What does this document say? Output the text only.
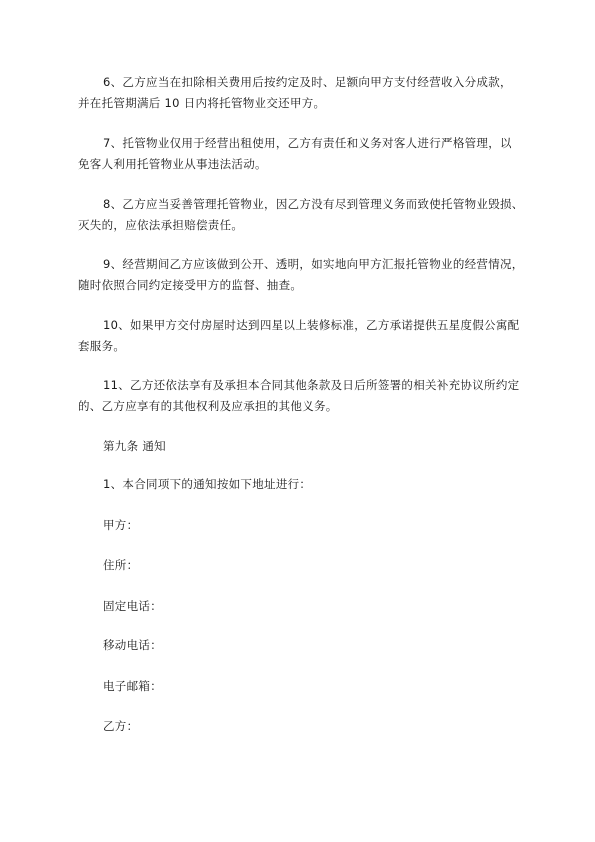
6、乙方应当在扣除相关费用后按约定及时、足额向甲方支付经营收入分成款，
并在托管期满后 10 日内将托管物业交还甲方。

7、托管物业仅用于经营出租使用，乙方有责任和义务对客人进行严格管理，以
免客人利用托管物业从事违法活动。

8、乙方应当妥善管理托管物业，因乙方没有尽到管理义务而致使托管物业毁损、
灭失的，应依法承担赔偿责任。

9、经营期间乙方应该做到公开、透明，如实地向甲方汇报托管物业的经营情况，
随时依照合同约定接受甲方的监督、抽查。

10、如果甲方交付房屋时达到四星以上装修标准，乙方承诺提供五星度假公寓配
套服务。

11、乙方还依法享有及承担本合同其他条款及日后所签署的相关补充协议所约定
的、乙方应享有的其他权利及应承担的其他义务。

第九条 通知

1、本合同项下的通知按如下地址进行：

甲方：

住所：

固定电话：

移动电话：

电子邮箱：

乙方：
